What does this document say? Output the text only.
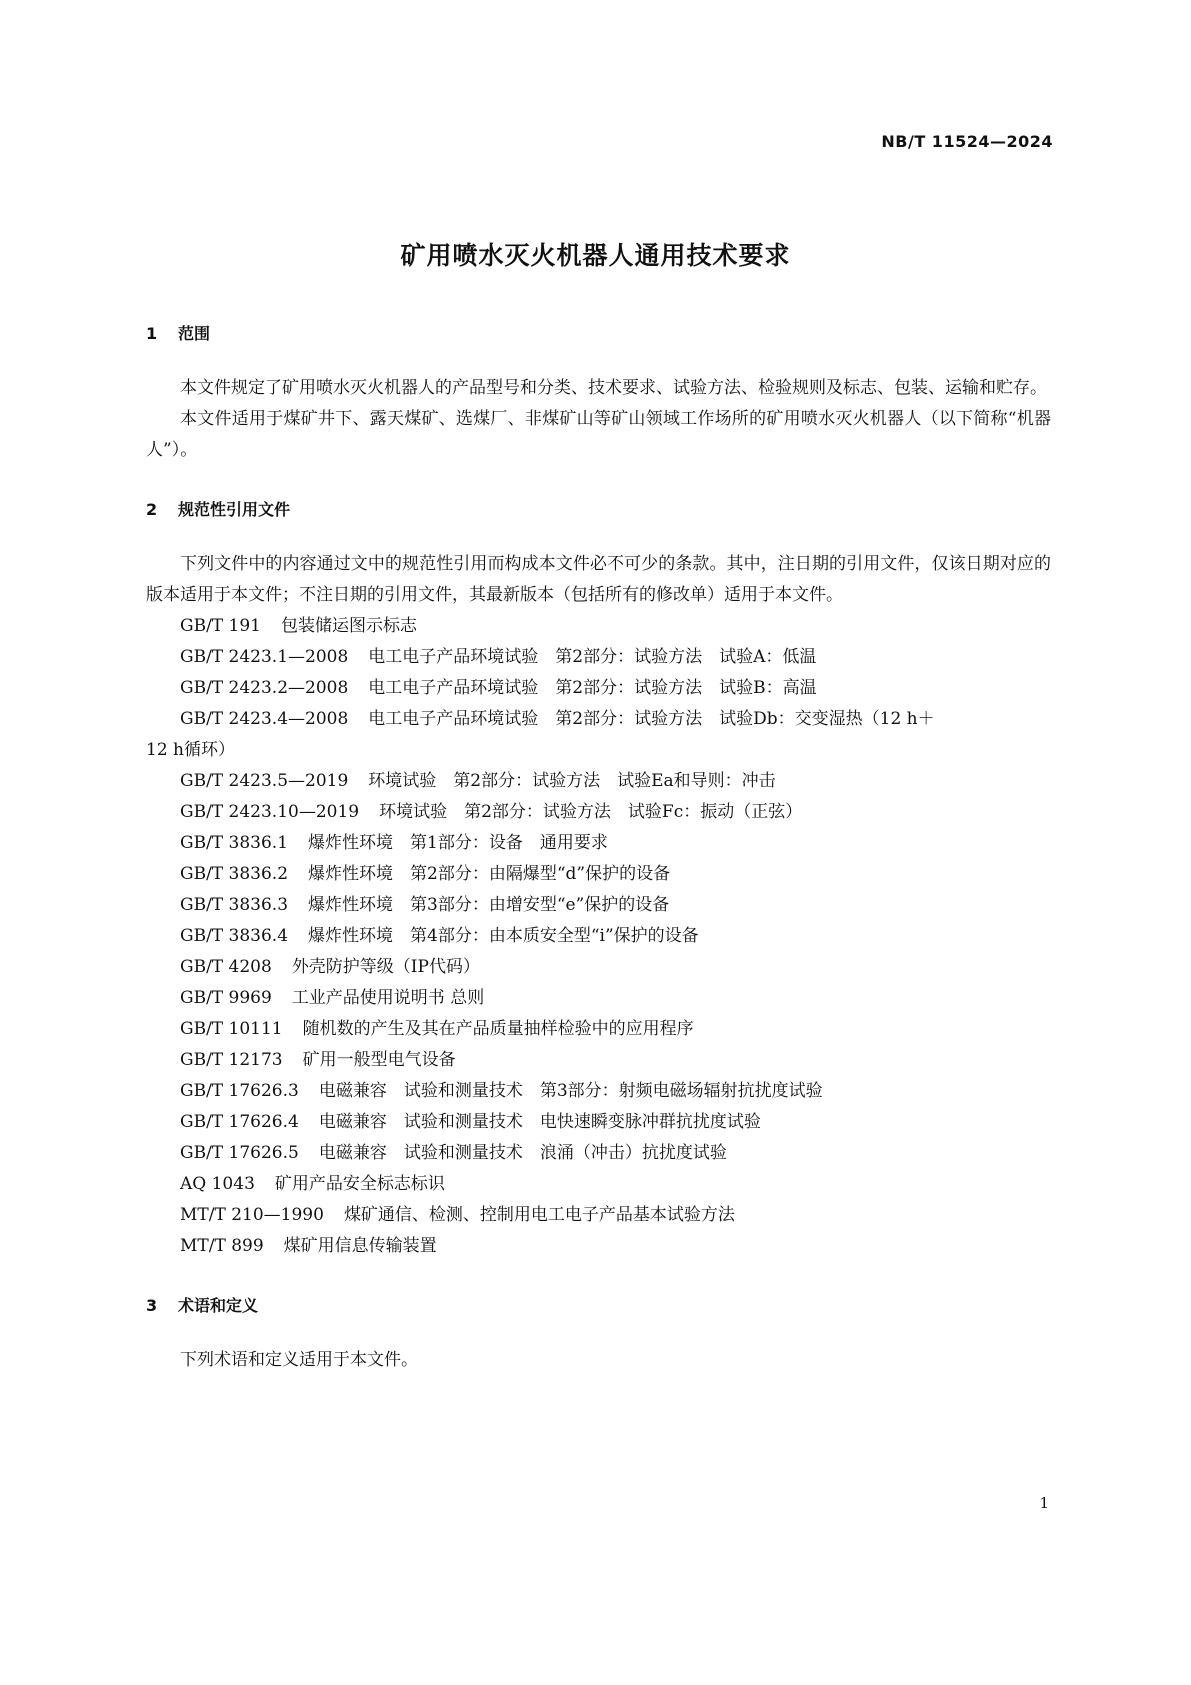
NB/T 11524—2024
矿用喷水灭火机器人通用技术要求
1 范围

本文件规定了矿用喷水灭火机器人的产品型号和分类、技术要求、试验方法、检验规则及标志、包装、运输和贮存。

本文件适用于煤矿井下、露天煤矿、选煤厂、非煤矿山等矿山领域工作场所的矿用喷水灭火机器人（以下简称“机器人”）。

2 规范性引用文件

下列文件中的内容通过文中的规范性引用而构成本文件必不可少的条款。其中，注日期的引用文件，仅该日期对应的版本适用于本文件；不注日期的引用文件，其最新版本（包括所有的修改单）适用于本文件。

GB/T 191 包装储运图示标志
GB/T 2423.1—2008 电工电子产品环境试验　第2部分：试验方法　试验A：低温
GB/T 2423.2—2008 电工电子产品环境试验　第2部分：试验方法　试验B：高温
GB/T 2423.4—2008 电工电子产品环境试验　第2部分：试验方法　试验Db：交变湿热（12 h＋
12 h循环）
GB/T 2423.5—2019 环境试验　第2部分：试验方法　试验Ea和导则：冲击
GB/T 2423.10—2019 环境试验　第2部分：试验方法　试验Fc：振动（正弦）
GB/T 3836.1 爆炸性环境　第1部分：设备　通用要求
GB/T 3836.2 爆炸性环境　第2部分：由隔爆型“d”保护的设备
GB/T 3836.3 爆炸性环境　第3部分：由增安型“e”保护的设备
GB/T 3836.4 爆炸性环境　第4部分：由本质安全型“i”保护的设备
GB/T 4208 外壳防护等级（IP代码）
GB/T 9969 工业产品使用说明书 总则
GB/T 10111 随机数的产生及其在产品质量抽样检验中的应用程序
GB/T 12173 矿用一般型电气设备
GB/T 17626.3 电磁兼容　试验和测量技术　第3部分：射频电磁场辐射抗扰度试验
GB/T 17626.4 电磁兼容　试验和测量技术　电快速瞬变脉冲群抗扰度试验
GB/T 17626.5 电磁兼容　试验和测量技术　浪涌（冲击）抗扰度试验
AQ 1043 矿用产品安全标志标识
MT/T 210—1990 煤矿通信、检测、控制用电工电子产品基本试验方法
MT/T 899 煤矿用信息传输装置
3 术语和定义

下列术语和定义适用于本文件。

1
